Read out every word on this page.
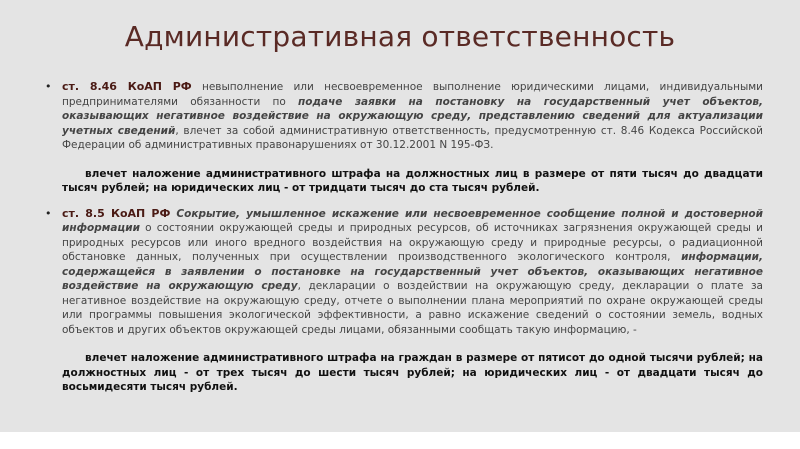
Административная ответственность

• ст. 8.46 КоАП РФ невыполнение или несвоевременное выполнение юридическими лицами, индивидуальными предпринимателями обязанности по подаче заявки на постановку на государственный учет объектов, оказывающих негативное воздействие на окружающую среду, представлению сведений для актуализации учетных сведений, влечет за собой административную ответственность, предусмотренную ст. 8.46 Кодекса Российской Федерации об административных правонарушениях от 30.12.2001 N 195-ФЗ.

влечет наложение административного штрафа на должностных лиц в размере от пяти тысяч до двадцати тысяч рублей; на юридических лиц - от тридцати тысяч до ста тысяч рублей.

• ст. 8.5 КоАП РФ Сокрытие, умышленное искажение или несвоевременное сообщение полной и достоверной информации о состоянии окружающей среды и природных ресурсов, об источниках загрязнения окружающей среды и природных ресурсов или иного вредного воздействия на окружающую среду и природные ресурсы, о радиационной обстановке данных, полученных при осуществлении производственного экологического контроля, информации, содержащейся в заявлении о постановке на государственный учет объектов, оказывающих негативное воздействие на окружающую среду, декларации о воздействии на окружающую среду, декларации о плате за негативное воздействие на окружающую среду, отчете о выполнении плана мероприятий по охране окружающей среды или программы повышения экологической эффективности, а равно искажение сведений о состоянии земель, водных объектов и других объектов окружающей среды лицами, обязанными сообщать такую информацию, -

влечет наложение административного штрафа на граждан в размере от пятисот до одной тысячи рублей; на должностных лиц - от трех тысяч до шести тысяч рублей; на юридических лиц - от двадцати тысяч до восьмидесяти тысяч рублей.
